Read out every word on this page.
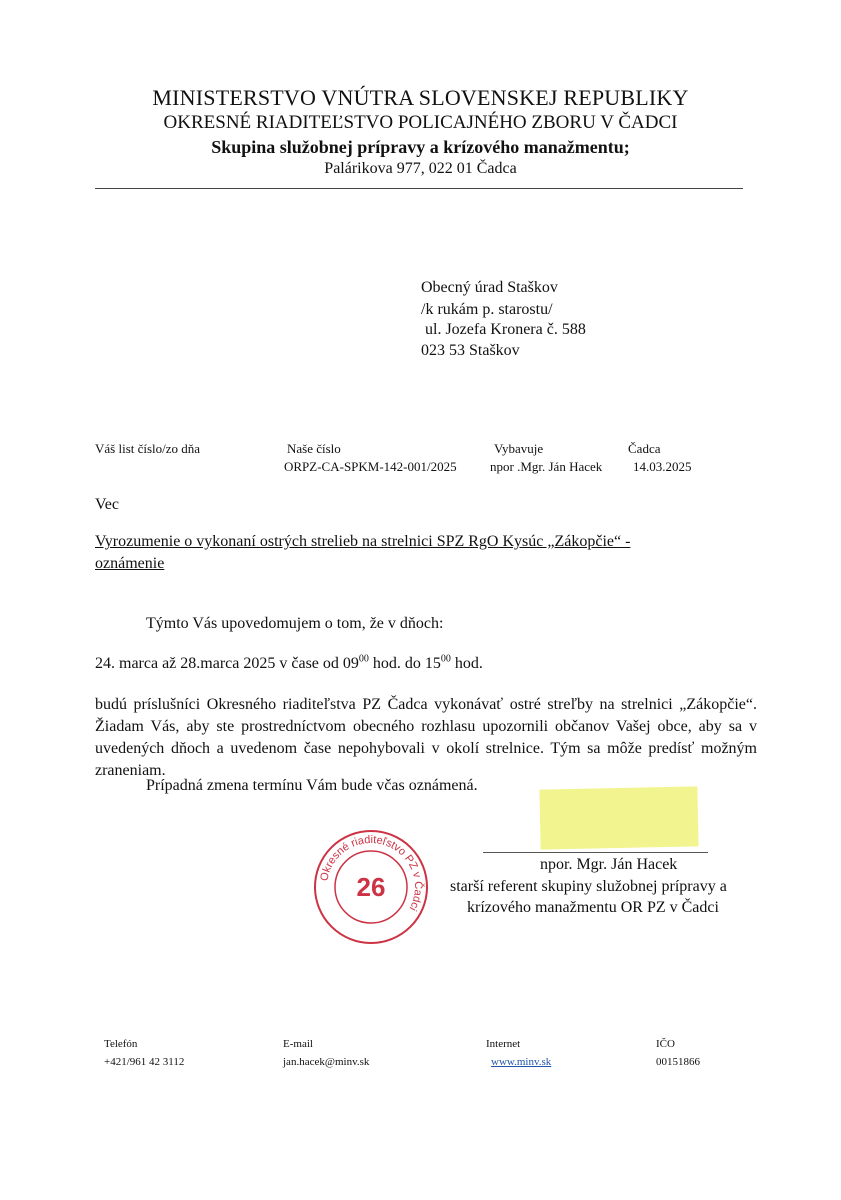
MINISTERSTVO VNÚTRA SLOVENSKEJ REPUBLIKY
OKRESNÉ RIADITEĽSTVO POLICAJNÉHO ZBORU V ČADCI
Skupina služobnej prípravy a krízového manažmentu;
Palárikova 977, 022 01 Čadca
Obecný úrad Staškov
/k rukám p. starostu/
ul. Jozefa Kronera č. 588
023 53 Staškov
Váš list číslo/zo dňa	Naše číslo
ORPZ-CA-SPKM-142-001/2025
Vybavuje
npor .Mgr. Ján Hacek
Čadca
14.03.2025
Vec
Vyrozumenie o vykonaní ostrých strelieb na strelnici SPZ RgO Kysúc „Zákopčie“ -
oznámenie
Týmto Vás upovedomujem o tom, že v dňoch:
24. marca až 28.marca 2025 v čase od $09^{00}$ hod. do $15^{00}$ hod.
budú príslušníci Okresného riaditeľstva PZ Čadca vykonávať ostré streľby na strelnici „Zákopčie“. Žiadam Vás, aby ste prostredníctvom obecného rozhlasu upozornili občanov Vašej obce, aby sa v uvedených dňoch a uvedenom čase nepohybovali v okolí strelnice. Tým sa môže predísť možným zraneniam.
Prípadná zmena termínu Vám bude včas oznámená.
Okresné riaditeľstvo PZ v Čadci
26
npor. Mgr. Ján Hacek
starší referent skupiny služobnej prípravy a
krízového manažmentu OR PZ v Čadci
Telefón
+421/961 42 3112
E-mail
jan.hacek@minv.sk
Internet
www.minv.sk
IČO
00151866
